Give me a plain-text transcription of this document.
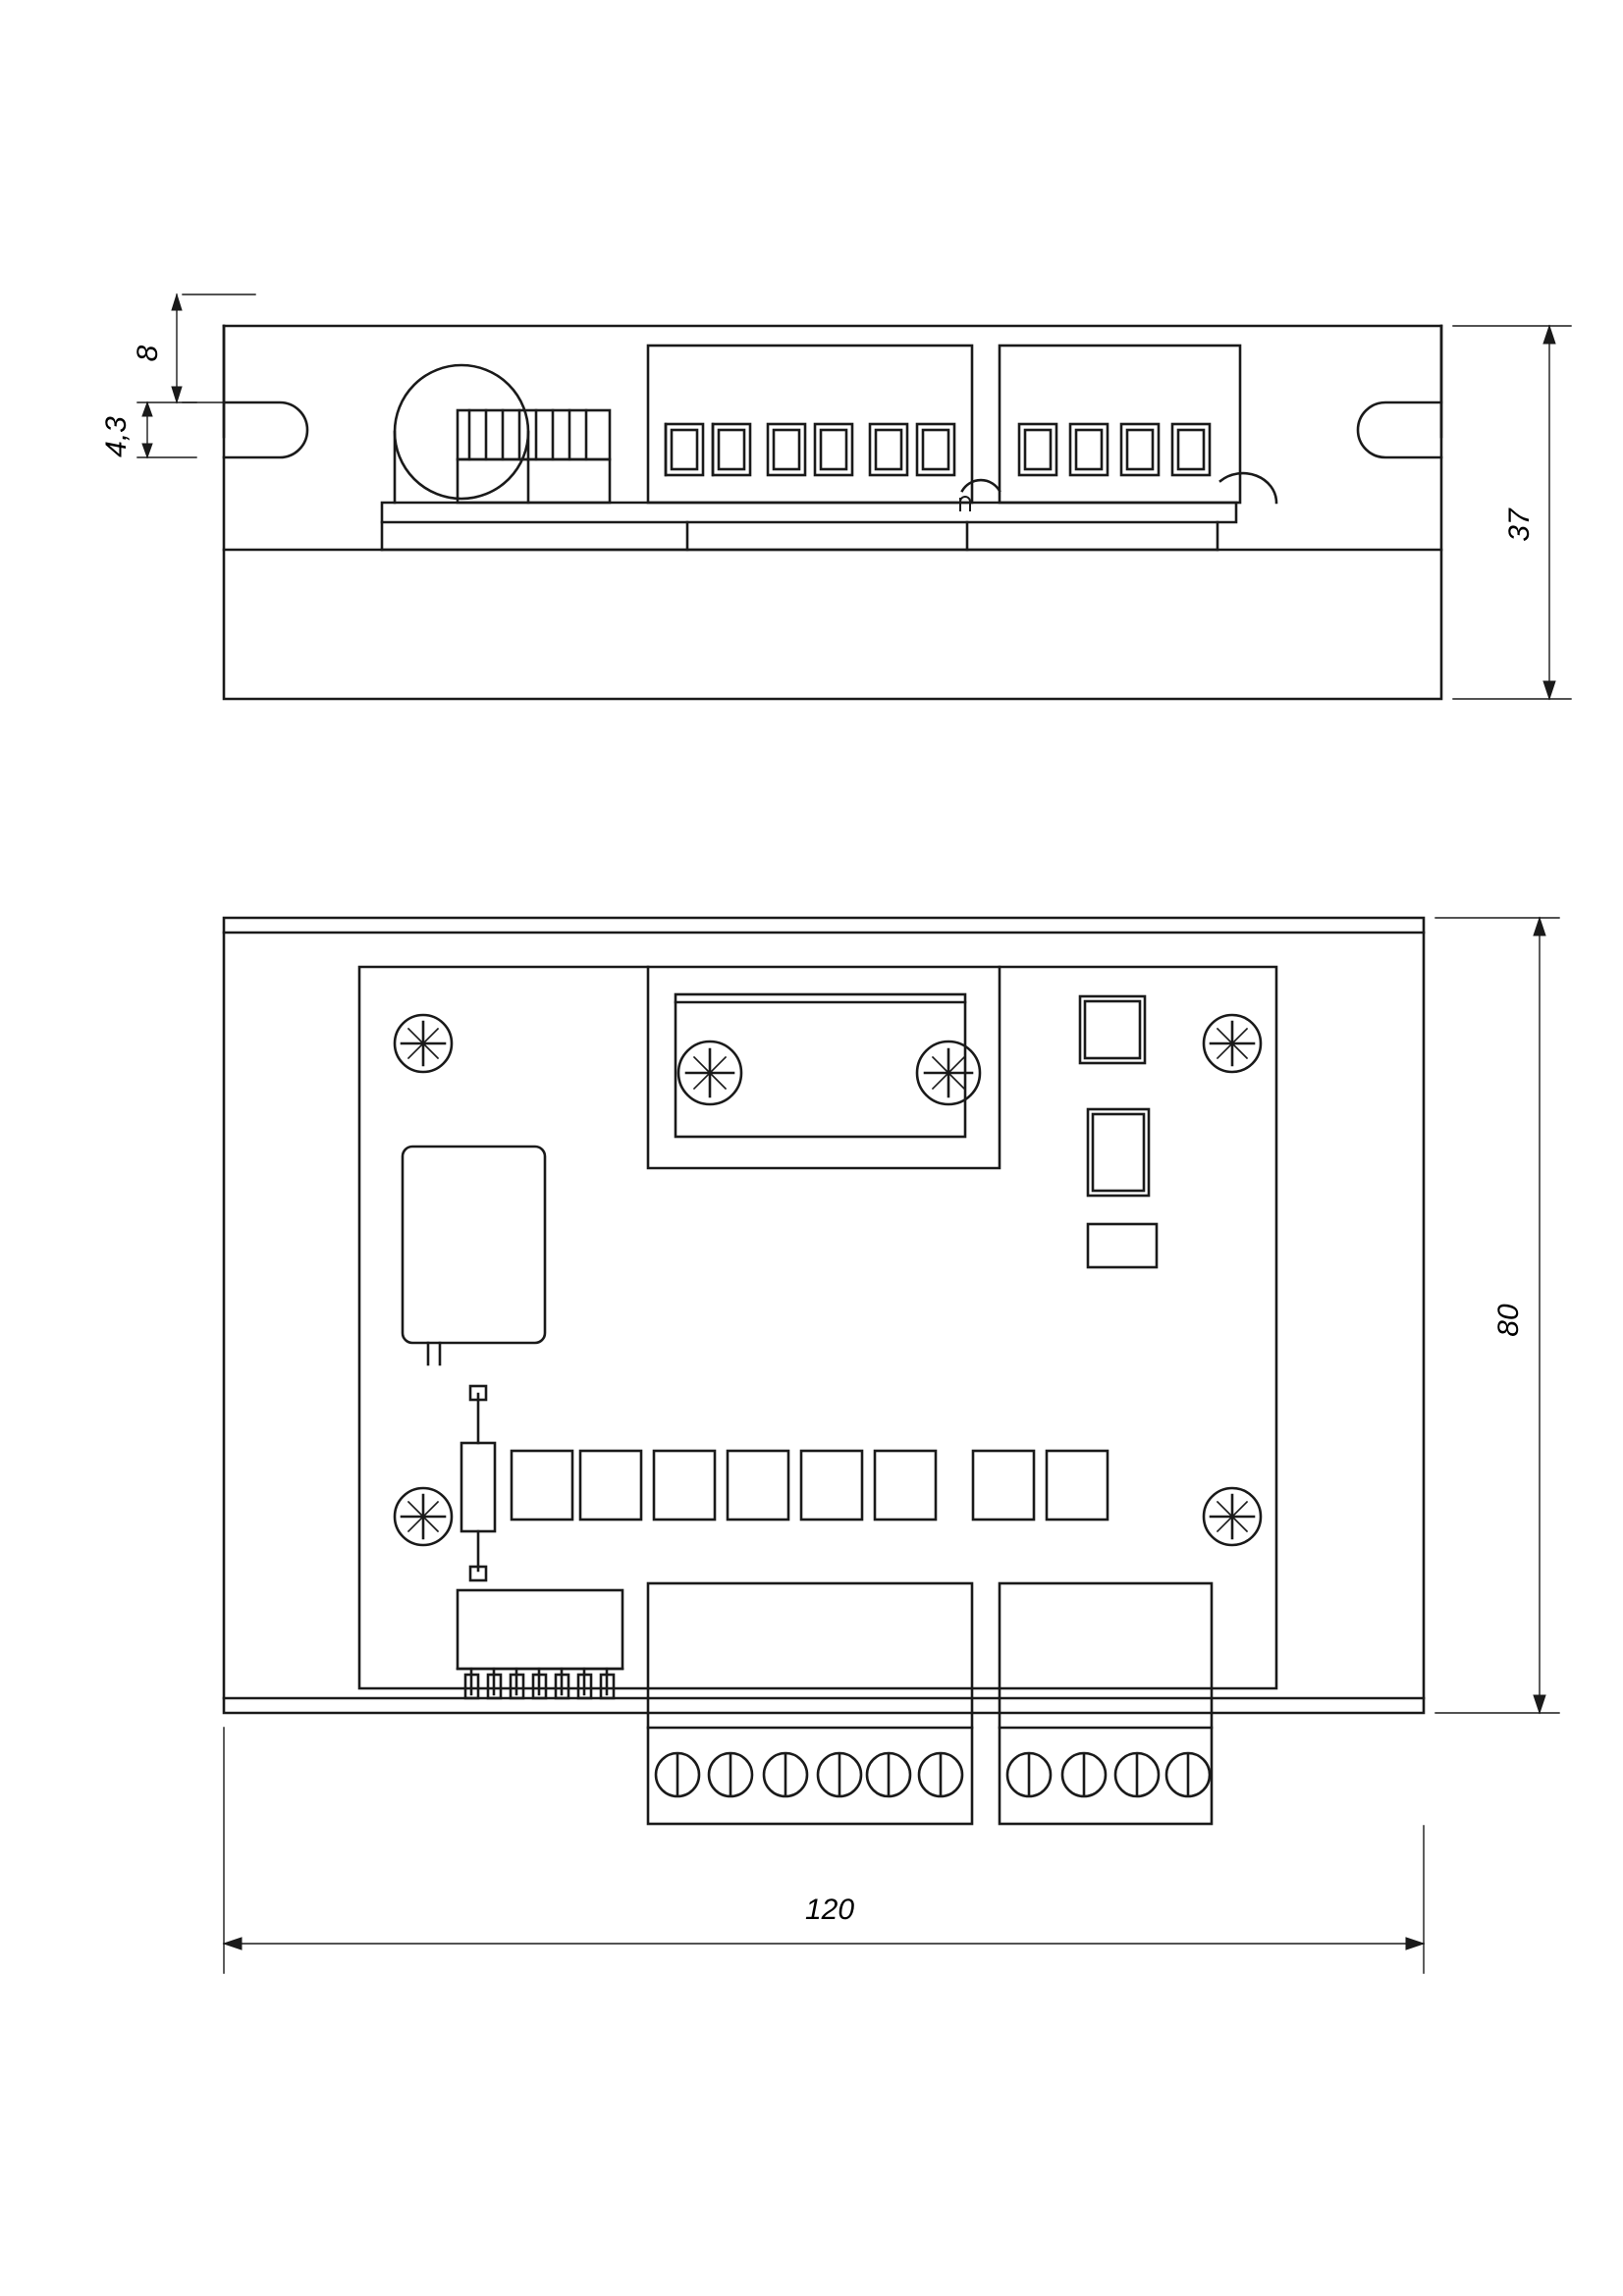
37
8
4,3
80
120
